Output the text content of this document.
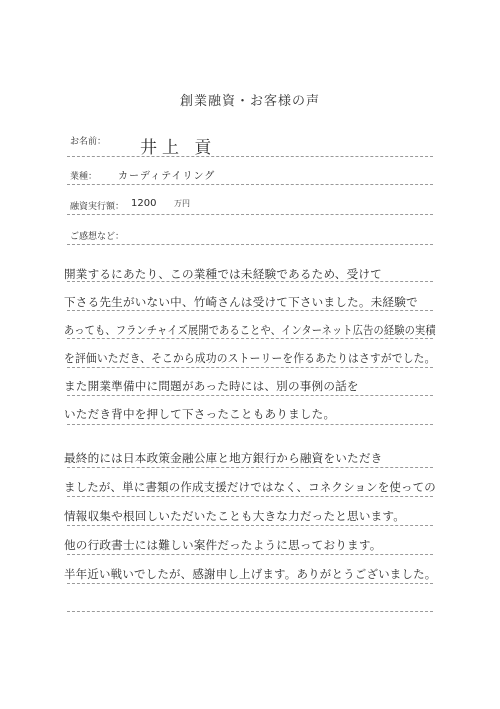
創業融資・お客様の声
お名前： 井上 貢
業種： カーディテイリング
融資実行額： 1200 万円
ご感想など：
開業するにあたり、この業種では未経験であるため、受けて
下さる先生がいない中、竹崎さんは受けて下さいました。未経験で
あっても、フランチャイズ展開であることや、インターネット広告の経験の実積
を評価いただき、そこから成功のストーリーを作るあたりはさすがでした。
また開業準備中に問題があった時には、別の事例の話を
いただき背中を押して下さったこともありました。
最終的には日本政策金融公庫と地方銀行から融資をいただき
ましたが、単に書類の作成支援だけではなく、コネクションを使っての
情報収集や根回しいただいたことも大きな力だったと思います。
他の行政書士には難しい案件だったように思っております。
半年近い戦いでしたが、感謝申し上げます。ありがとうございました。
